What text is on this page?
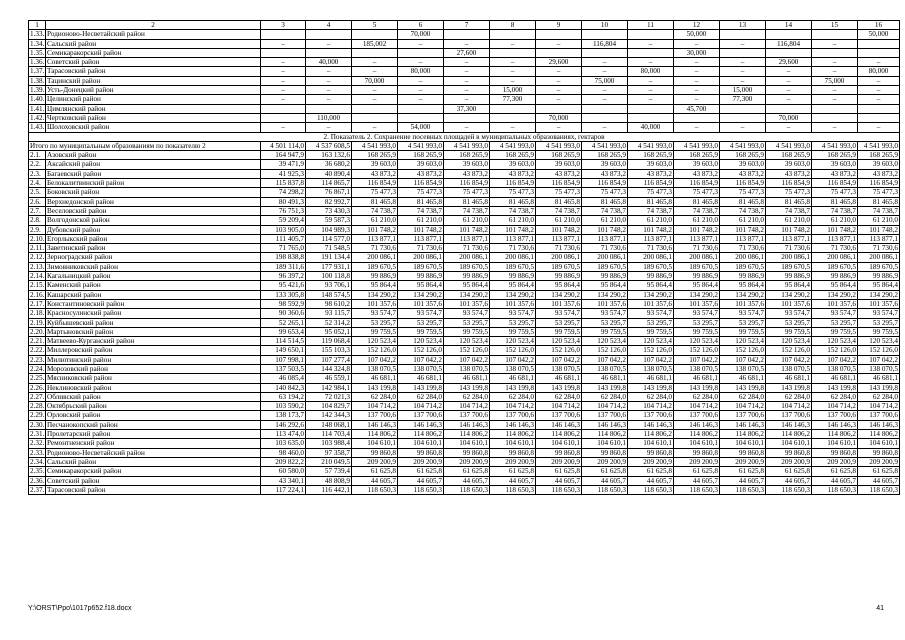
1	2	3	4	5	6	7	8	9	10	11	12	13	14	15	16
1.33.	Родионово-Несветайский район				70,000						50,000				50,000
1.34.	Сальский район	–	–	185,002	–	–	–	–	116,804	–	–	–	116,804	–	
1.35.	Семикаракорский район					27,600					30,000				
1.36.	Советский район	–	40,000	–	–	–	–	29,600	–	–	–	–	29,600	–	–
1.37.	Тарасовский район	–	–	–	80,000	–	–	–	–	80,000	–	–	–	–	80,000
1.38.	Тацинский район	–	–	70,000	–	–	–	–	75,000	–	–	–	–	75,000	–
1.39.	Усть-Донецкий район	–	–	–	–	–	15,000	–	–	–	–	15,000	–	–	–
1.40.	Целинский район	–	–	–	–	–	77,300	–	–	–	–	77,300	–	–	–
1.41.	Цимлянский район					37,300					45,700				
1.42.	Чертковский район		110,000					70,000					70,000		
1.43.	Шолоховский район	–	–	–	54,000	–	–	–	–	40,000	–	–	–	–	–
2. Показатель 2. Сохранение посевных площадей в муниципальных образованиях, гектаров															
Итого по муниципальным образованиям по показателю 2		4 501 114,0	4 537 608,5	4 541 993,0	4 541 993,0	4 541 993,0	4 541 993,0	4 541 993,0	4 541 993,0	4 541 993,0	4 541 993,0	4 541 993,0	4 541 993,0	4 541 993,0	4 541 993,0
2.1.	Азовский район	164 947,9	163 132,6	168 265,9	168 265,9	168 265,9	168 265,9	168 265,9	168 265,9	168 265,9	168 265,9	168 265,9	168 265,9	168 265,9	168 265,9
2.2.	Аксайский район	39 471,9	36 680,2	39 603,0	39 603,0	39 603,0	39 603,0	39 603,0	39 603,0	39 603,0	39 603,0	39 603,0	39 603,0	39 603,0	39 603,0
2.3.	Багаевский район	41 925,3	40 890,4	43 873,2	43 873,2	43 873,2	43 873,2	43 873,2	43 873,2	43 873,2	43 873,2	43 873,2	43 873,2	43 873,2	43 873,2
2.4.	Белокалитвинский район	115 837,8	114 865,7	116 854,9	116 854,9	116 854,9	116 854,9	116 854,9	116 854,9	116 854,9	116 854,9	116 854,9	116 854,9	116 854,9	116 854,9
2.5.	Боковский район	74 298,2	76 867,1	75 477,3	75 477,3	75 477,3	75 477,3	75 477,3	75 477,3	75 477,3	75 477,3	75 477,3	75 477,3	75 477,3	75 477,3
2.6.	Верхнедонской район	80 491,3	82 992,7	81 465,8	81 465,8	81 465,8	81 465,8	81 465,8	81 465,8	81 465,8	81 465,8	81 465,8	81 465,8	81 465,8	81 465,8
2.7.	Веселовский район	76 751,3	73 430,3	74 738,7	74 738,7	74 738,7	74 738,7	74 738,7	74 738,7	74 738,7	74 738,7	74 738,7	74 738,7	74 738,7	74 738,7
2.8.	Волгодонской район	59 209,4	59 587,3	61 210,0	61 210,0	61 210,0	61 210,0	61 210,0	61 210,0	61 210,0	61 210,0	61 210,0	61 210,0	61 210,0	61 210,0
2.9.	Дубовский район	103 905,0	104 989,3	101 748,2	101 748,2	101 748,2	101 748,2	101 748,2	101 748,2	101 748,2	101 748,2	101 748,2	101 748,2	101 748,2	101 748,2
2.10.	Егорлыкский район	111 405,7	114 577,0	113 877,1	113 877,1	113 877,1	113 877,1	113 877,1	113 877,1	113 877,1	113 877,1	113 877,1	113 877,1	113 877,1	113 877,1
2.11.	Заветинский район	71 765,0	71 548,5	71 730,6	71 730,6	71 730,6	71 730,6	71 730,6	71 730,6	71 730,6	71 730,6	71 730,6	71 730,6	71 730,6	71 730,6
2.12.	Зерноградский район	198 838,8	191 134,4	200 086,1	200 086,1	200 086,1	200 086,1	200 086,1	200 086,1	200 086,1	200 086,1	200 086,1	200 086,1	200 086,1	200 086,1
2.13.	Зимовниковский район	189 311,6	177 931,1	189 670,5	189 670,5	189 670,5	189 670,5	189 670,5	189 670,5	189 670,5	189 670,5	189 670,5	189 670,5	189 670,5	189 670,5
2.14.	Кагальницкий район	96 397,2	100 118,8	99 886,9	99 886,9	99 886,9	99 886,9	99 886,9	99 886,9	99 886,9	99 886,9	99 886,9	99 886,9	99 886,9	99 886,9
2.15.	Каменский район	95 421,6	93 706,1	95 864,4	95 864,4	95 864,4	95 864,4	95 864,4	95 864,4	95 864,4	95 864,4	95 864,4	95 864,4	95 864,4	95 864,4
2.16.	Кашарский район	133 305,8	148 574,5	134 290,2	134 290,2	134 290,2	134 290,2	134 290,2	134 290,2	134 290,2	134 290,2	134 290,2	134 290,2	134 290,2	134 290,2
2.17.	Константиновский район	98 592,9	98 610,2	101 357,6	101 357,6	101 357,6	101 357,6	101 357,6	101 357,6	101 357,6	101 357,6	101 357,6	101 357,6	101 357,6	101 357,6
2.18.	Красносулинский район	90 360,6	93 115,7	93 574,7	93 574,7	93 574,7	93 574,7	93 574,7	93 574,7	93 574,7	93 574,7	93 574,7	93 574,7	93 574,7	93 574,7
2.19.	Куйбышевский район	52 265,1	52 314,2	53 295,7	53 295,7	53 295,7	53 295,7	53 295,7	53 295,7	53 295,7	53 295,7	53 295,7	53 295,7	53 295,7	53 295,7
2.20.	Мартыновский район	99 653,4	95 052,1	99 759,5	99 759,5	99 759,5	99 759,5	99 759,5	99 759,5	99 759,5	99 759,5	99 759,5	99 759,5	99 759,5	99 759,5
2.21.	Матвеево-Курганский район	114 514,5	119 068,4	120 523,4	120 523,4	120 523,4	120 523,4	120 523,4	120 523,4	120 523,4	120 523,4	120 523,4	120 523,4	120 523,4	120 523,4
2.22.	Миллеровский район	149 650,1	155 103,3	152 126,0	152 126,0	152 126,0	152 126,0	152 126,0	152 126,0	152 126,0	152 126,0	152 126,0	152 126,0	152 126,0	152 126,0
2.23.	Милютинский район	107 998,1	107 277,4	107 042,2	107 042,2	107 042,2	107 042,2	107 042,2	107 042,2	107 042,2	107 042,2	107 042,2	107 042,2	107 042,2	107 042,2
2.24.	Морозовский район	137 503,5	144 324,8	138 070,5	138 070,5	138 070,5	138 070,5	138 070,5	138 070,5	138 070,5	138 070,5	138 070,5	138 070,5	138 070,5	138 070,5
2.25.	Мясниковский район	46 085,4	46 559,1	46 681,1	46 681,1	46 681,1	46 681,1	46 681,1	46 681,1	46 681,1	46 681,1	46 681,1	46 681,1	46 681,1	46 681,1
2.26.	Неклиновский район	140 842,3	142 984,1	143 199,8	143 199,8	143 199,8	143 199,8	143 199,8	143 199,8	143 199,8	143 199,8	143 199,8	143 199,8	143 199,8	143 199,8
2.27.	Обливский район	63 194,2	72 021,3	62 284,0	62 284,0	62 284,0	62 284,0	62 284,0	62 284,0	62 284,0	62 284,0	62 284,0	62 284,0	62 284,0	62 284,0
2.28.	Октябрьский район	103 590,2	104 829,7	104 714,2	104 714,2	104 714,2	104 714,2	104 714,2	104 714,2	104 714,2	104 714,2	104 714,2	104 714,2	104 714,2	104 714,2
2.29.	Орловский район	138 173,7	142 344,3	137 700,6	137 700,6	137 700,6	137 700,6	137 700,6	137 700,6	137 700,6	137 700,6	137 700,6	137 700,6	137 700,6	137 700,6
2.30.	Песчанокопский район	146 292,6	148 068,1	146 146,3	146 146,3	146 146,3	146 146,3	146 146,3	146 146,3	146 146,3	146 146,3	146 146,3	146 146,3	146 146,3	146 146,3
2.31.	Пролетарский район	113 474,0	114 703,4	114 806,2	114 806,2	114 806,2	114 806,2	114 806,2	114 806,2	114 806,2	114 806,2	114 806,2	114 806,2	114 806,2	114 806,2
2.32.	Ремонтненский район	103 635,0	103 988,4	104 610,1	104 610,1	104 610,1	104 610,1	104 610,1	104 610,1	104 610,1	104 610,1	104 610,1	104 610,1	104 610,1	104 610,1
2.33.	Родионово-Несветайский район	98 460,0	97 358,7	99 860,8	99 860,8	99 860,8	99 860,8	99 860,8	99 860,8	99 860,8	99 860,8	99 860,8	99 860,8	99 860,8	99 860,8
2.34.	Сальский район	209 822,2	210 049,5	209 200,9	209 200,9	209 200,9	209 200,9	209 200,9	209 200,9	209 200,9	209 200,9	209 200,9	209 200,9	209 200,9	209 200,9
2.35.	Семикаракорский район	60 580,0	57 739,4	61 625,8	61 625,8	61 625,8	61 625,8	61 625,8	61 625,8	61 625,8	61 625,8	61 625,8	61 625,8	61 625,8	61 625,8
2.36.	Советский район	43 340,1	48 808,9	44 605,7	44 605,7	44 605,7	44 605,7	44 605,7	44 605,7	44 605,7	44 605,7	44 605,7	44 605,7	44 605,7	44 605,7
2.37.	Тарасовский район	117 224,1	116 442,1	118 650,3	118 650,3	118 650,3	118 650,3	118 650,3	118 650,3	118 650,3	118 650,3	118 650,3	118 650,3	118 650,3	118 650,3
Y:\ORST\Ppo\1017p652.f18.docx	41
